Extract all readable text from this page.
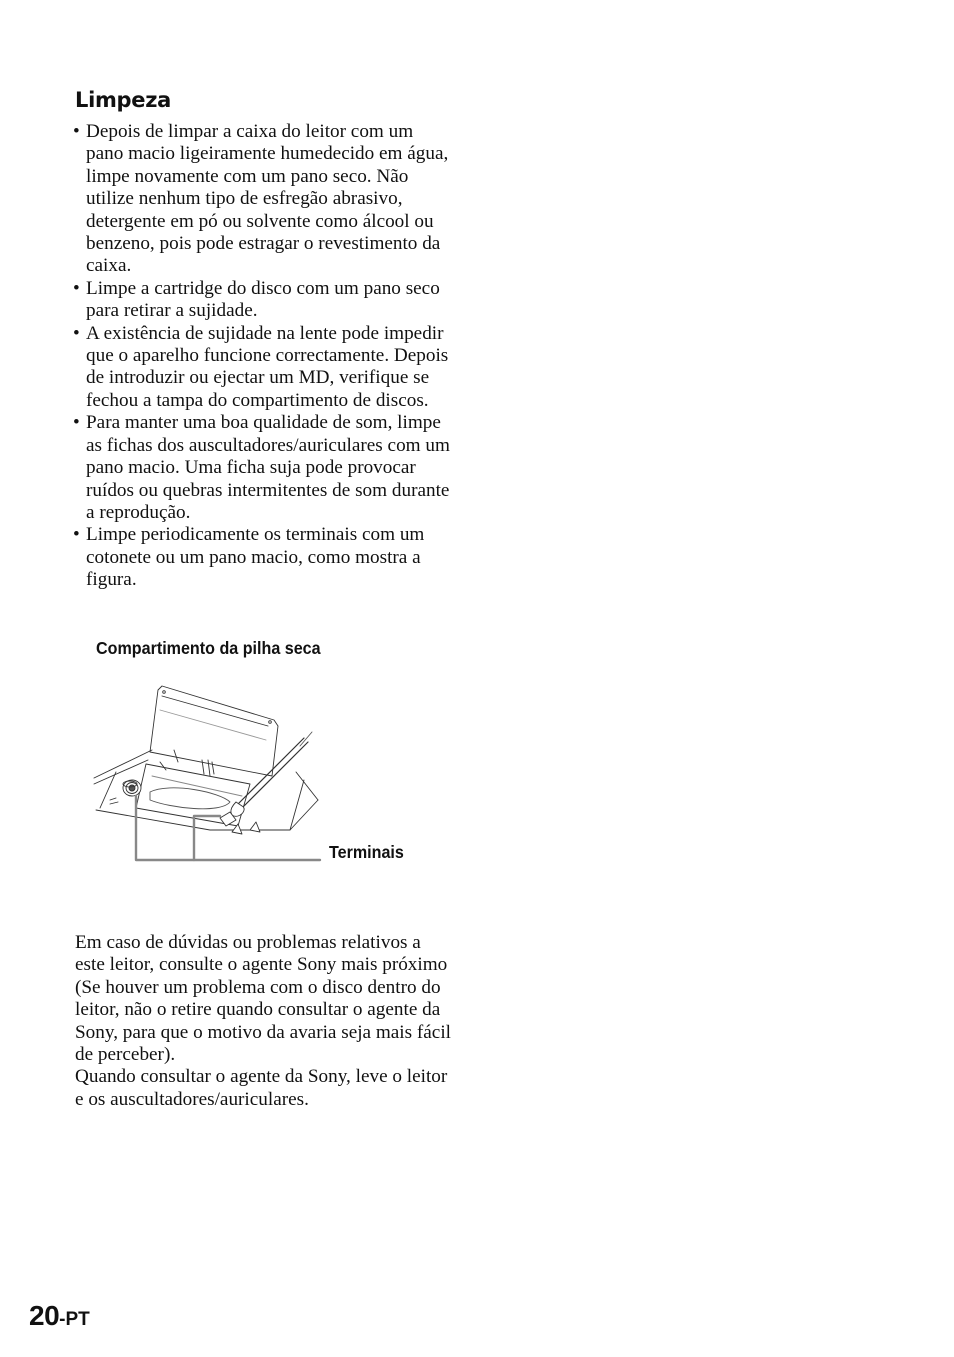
Limpeza
• Depois de limpar a caixa do leitor com um pano macio ligeiramente humedecido em água, limpe novamente com um pano seco. Não utilize nenhum tipo de esfregão abrasivo, detergente em pó ou solvente como álcool ou benzeno, pois pode estragar o revestimento da caixa.
• Limpe a cartridge do disco com um pano seco para retirar a sujidade.
• A existência de sujidade na lente pode impedir que o aparelho funcione correctamente. Depois de introduzir ou ejectar um MD, verifique se fechou a tampa do compartimento de discos.
• Para manter uma boa qualidade de som, limpe as fichas dos auscultadores/auriculares com um pano macio. Uma ficha suja pode provocar ruídos ou quebras intermitentes de som durante a reprodução.
• Limpe periodicamente os terminais com um cotonete ou um pano macio, como mostra a figura.

Compartimento da pilha seca

Terminais

Em caso de dúvidas ou problemas relativos a este leitor, consulte o agente Sony mais próximo (Se houver um problema com o disco dentro do leitor, não o retire quando consultar o agente da Sony, para que o motivo da avaria seja mais fácil de perceber).

Quando consultar o agente da Sony, leve o leitor e os auscultadores/auriculares.

20-PT
